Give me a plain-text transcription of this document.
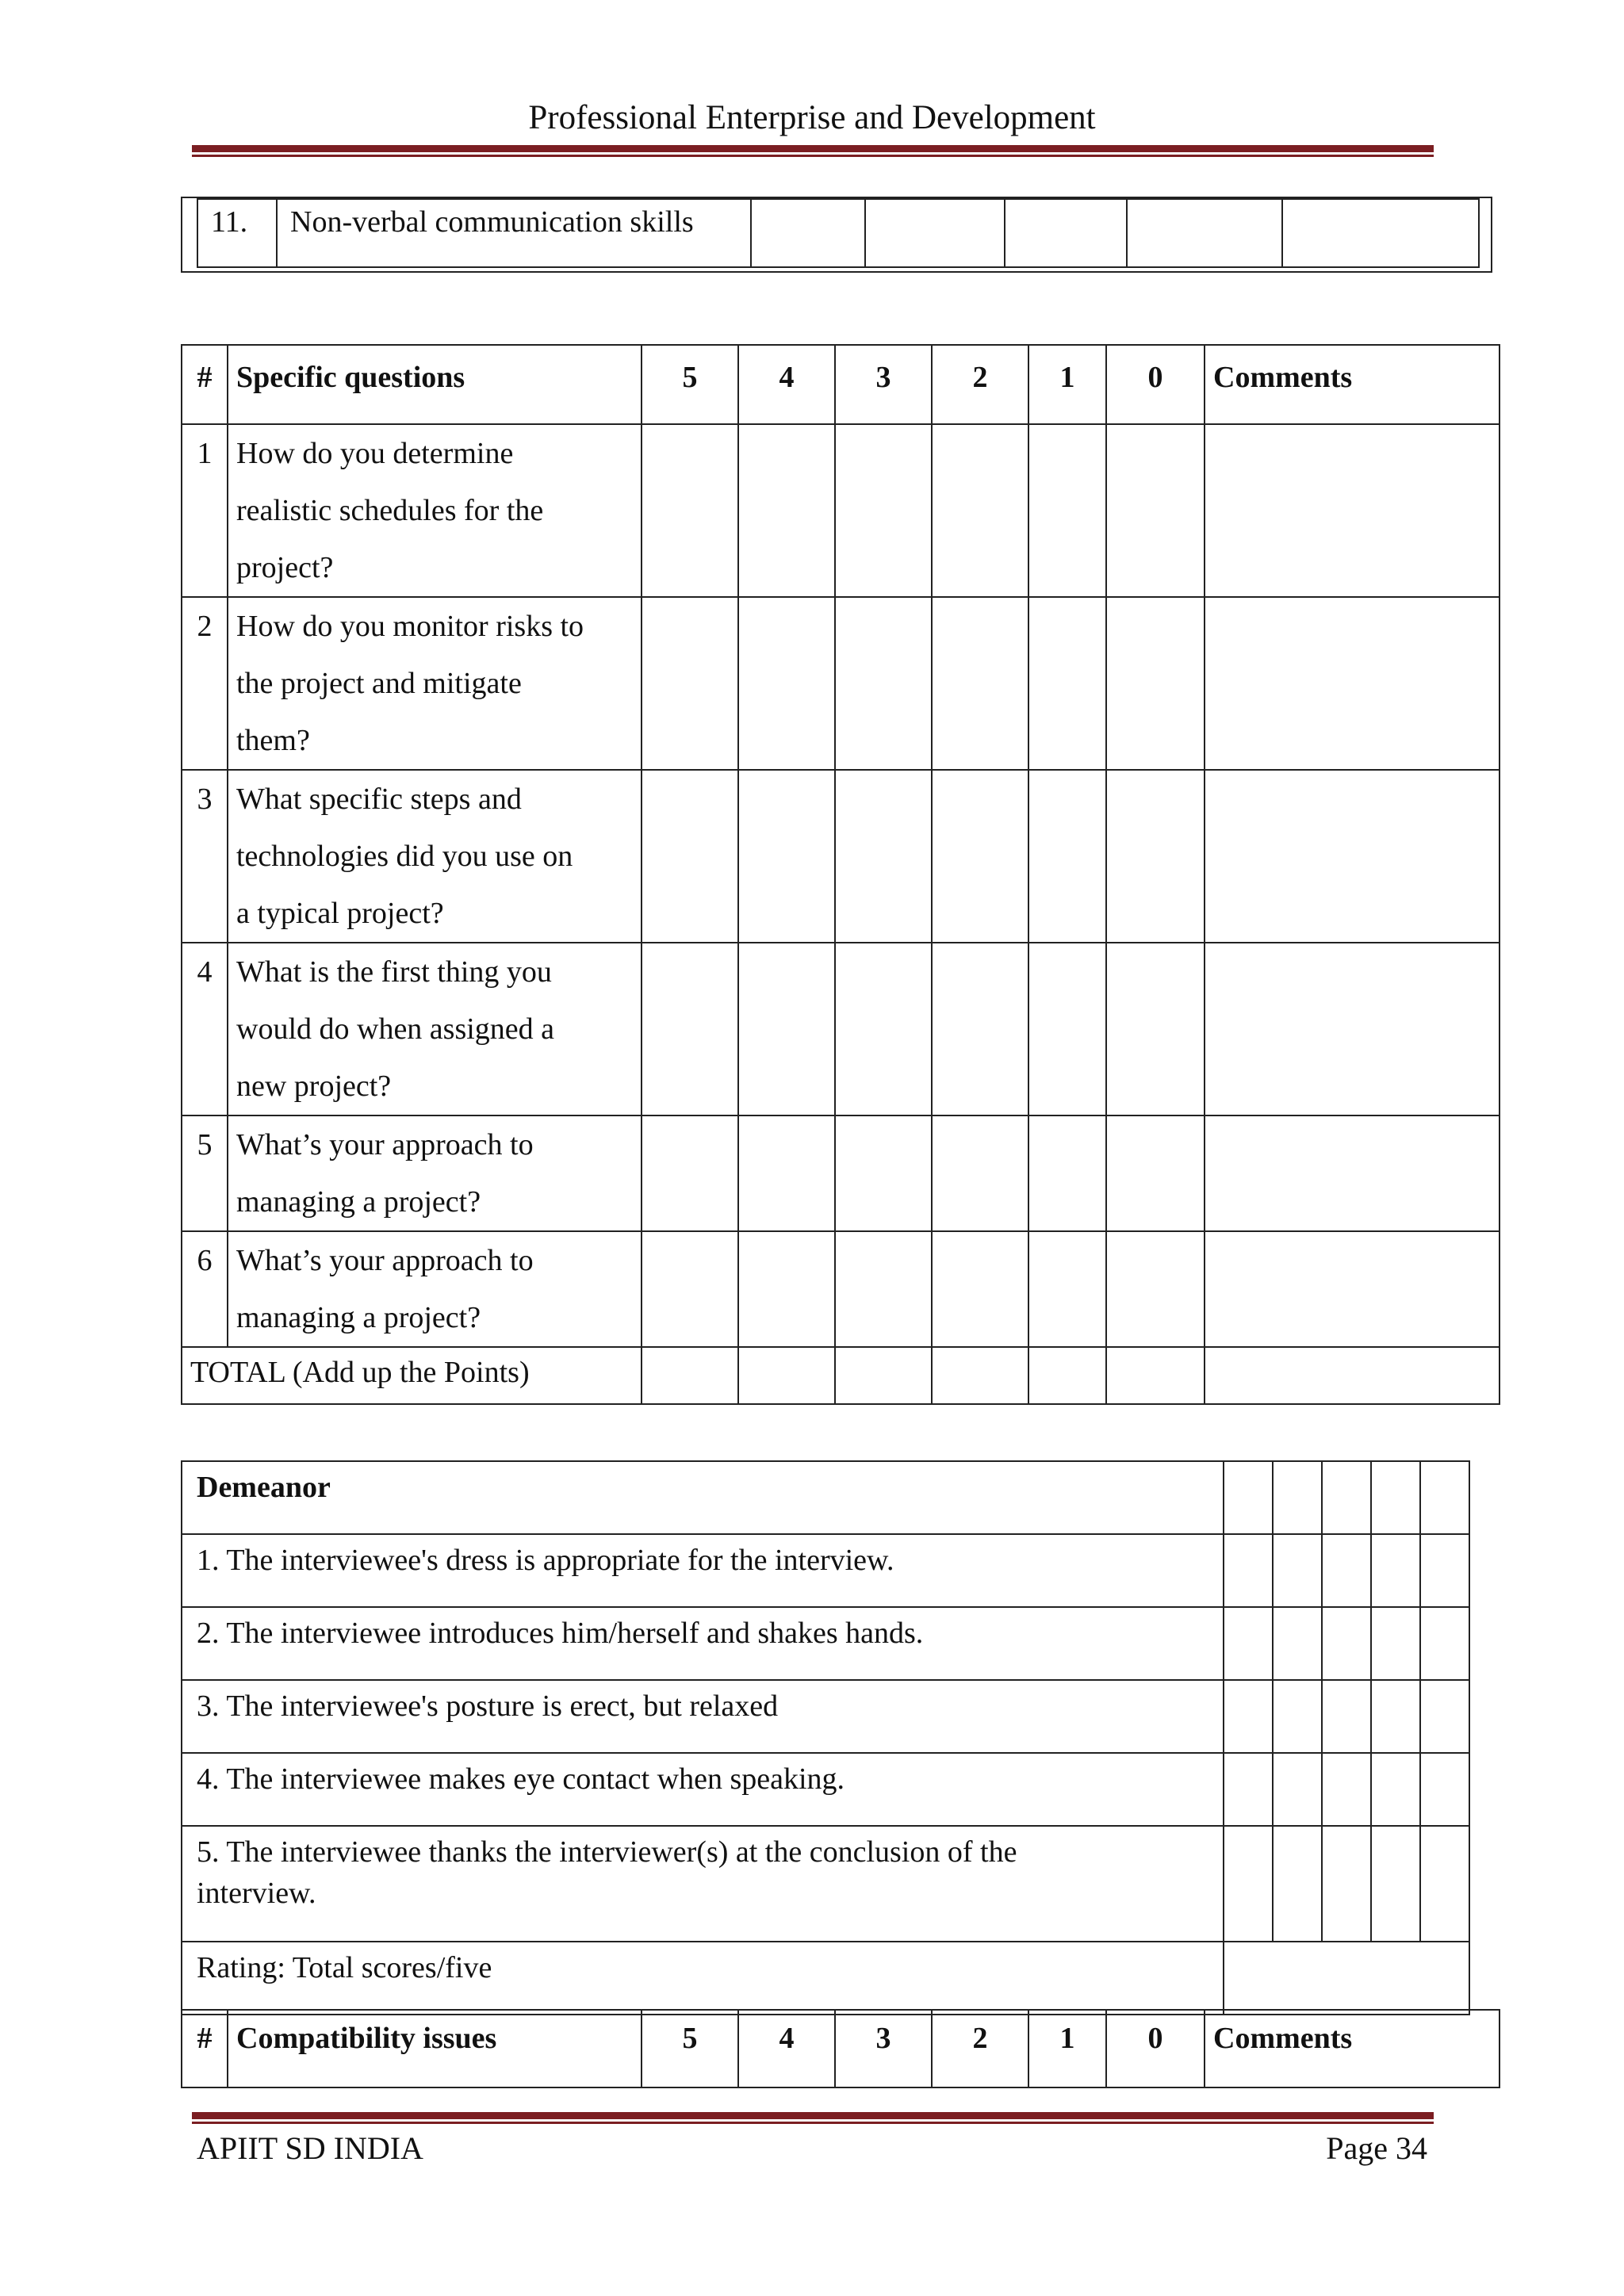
Professional Enterprise and Development
11.	Non-verbal communication skills					
#	Specific questions	5	4	3	2	1	0	Comments
1	How do you determine
realistic schedules for the
project?							

2	How do you monitor risks to
the project and mitigate
them?							

3	What specific steps and
technologies did you use on
a typical project?							

4	What is the first thing you
would do when assigned a
new project?							

5	What’s your approach to
managing a project?							

6	What’s your approach to
managing a project?							

TOTAL (Add up the Points)								
Demeanor					
1. The interviewee's dress is appropriate for the interview.					
2. The interviewee introduces him/herself and shakes hands.					
3. The interviewee's posture is erect, but relaxed					
4. The interviewee makes eye contact when speaking.					

5. The interviewee thanks the interviewer(s) at the conclusion of the
interview.					

Rating: Total scores/five					
#	Compatibility issues	5	4	3	2	1	0	Comments
APIIT SD INDIA	Page 34
